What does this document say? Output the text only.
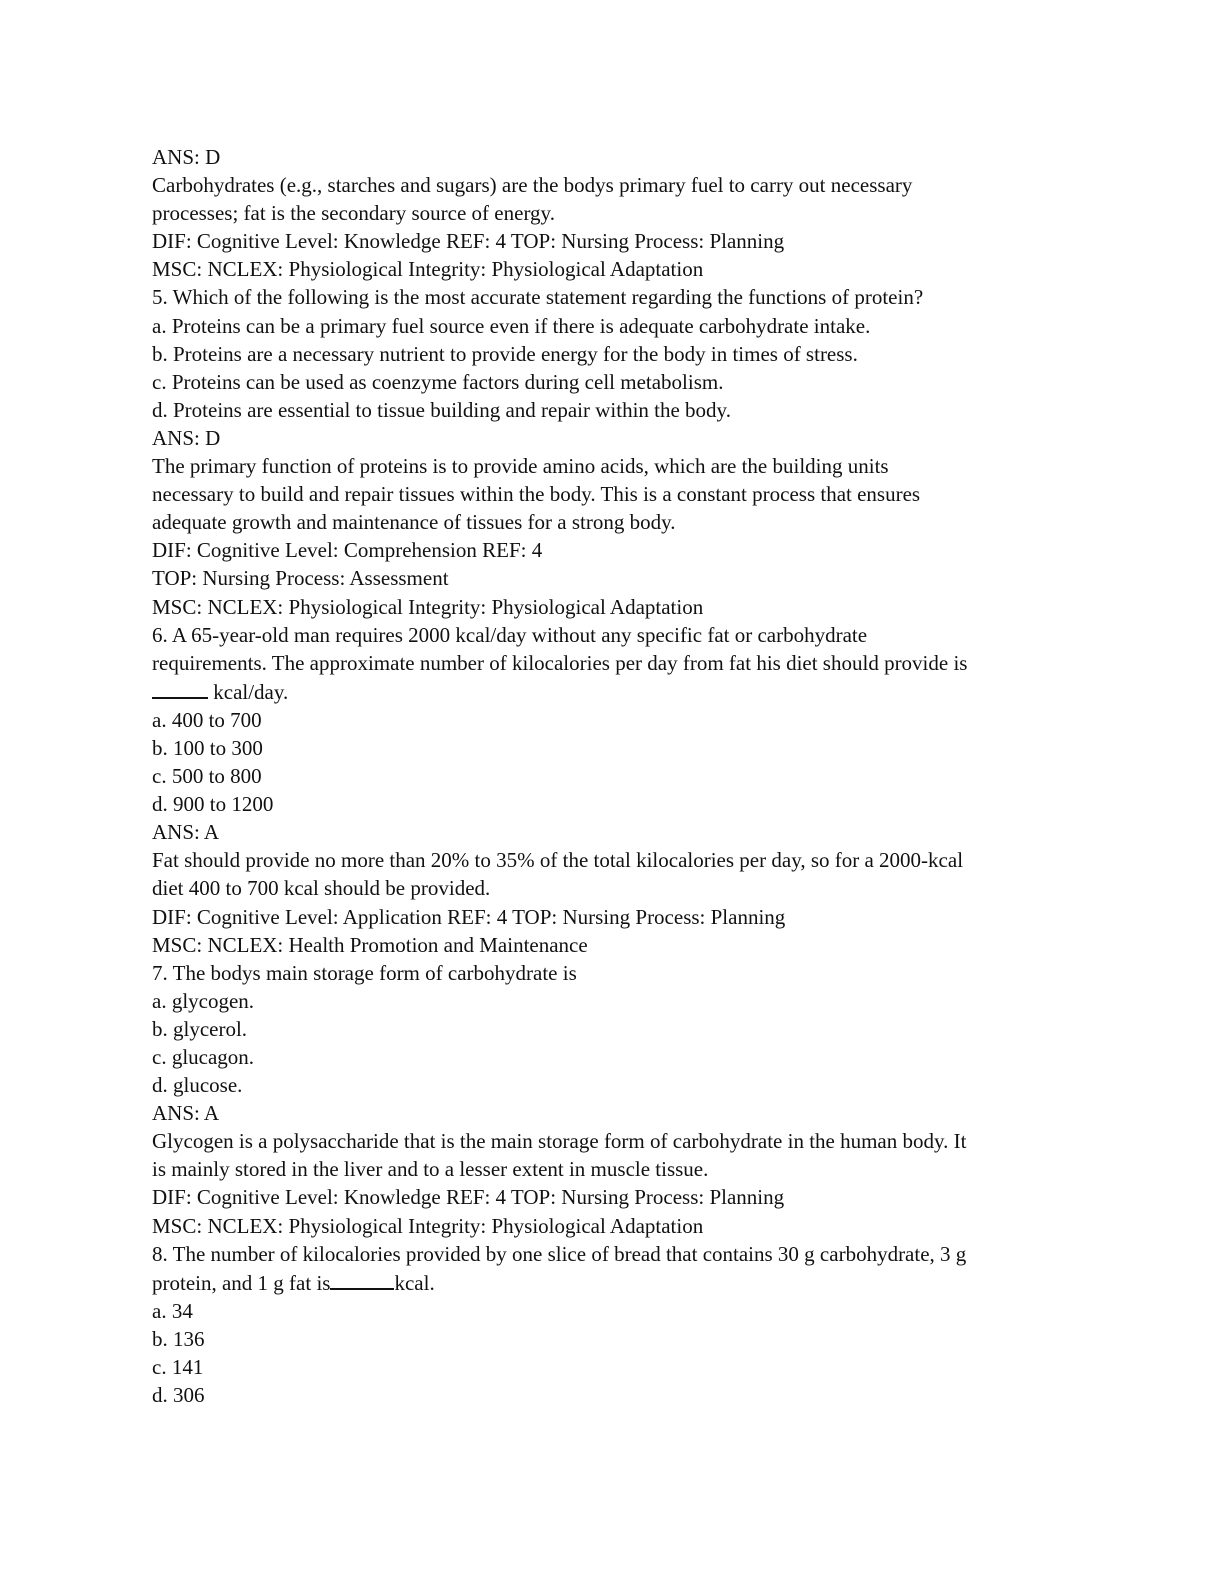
ANS: D

Carbohydrates (e.g., starches and sugars) are the bodys primary fuel to carry out necessary

processes; fat is the secondary source of energy.

DIF: Cognitive Level: Knowledge REF: 4 TOP: Nursing Process: Planning

MSC: NCLEX: Physiological Integrity: Physiological Adaptation

5. Which of the following is the most accurate statement regarding the functions of protein?

a. Proteins can be a primary fuel source even if there is adequate carbohydrate intake.

b. Proteins are a necessary nutrient to provide energy for the body in times of stress.

c. Proteins can be used as coenzyme factors during cell metabolism.

d. Proteins are essential to tissue building and repair within the body.

ANS: D

The primary function of proteins is to provide amino acids, which are the building units

necessary to build and repair tissues within the body. This is a constant process that ensures

adequate growth and maintenance of tissues for a strong body.

DIF: Cognitive Level: Comprehension REF: 4

TOP: Nursing Process: Assessment

MSC: NCLEX: Physiological Integrity: Physiological Adaptation

6. A 65-year-old man requires 2000 kcal/day without any specific fat or carbohydrate

requirements. The approximate number of kilocalories per day from fat his diet should provide is

kcal/day.

a. 400 to 700

b. 100 to 300

c. 500 to 800

d. 900 to 1200

ANS: A

Fat should provide no more than 20% to 35% of the total kilocalories per day, so for a 2000-kcal

diet 400 to 700 kcal should be provided.

DIF: Cognitive Level: Application REF: 4 TOP: Nursing Process: Planning

MSC: NCLEX: Health Promotion and Maintenance

7. The bodys main storage form of carbohydrate is

a. glycogen.

b. glycerol.

c. glucagon.

d. glucose.

ANS: A

Glycogen is a polysaccharide that is the main storage form of carbohydrate in the human body. It

is mainly stored in the liver and to a lesser extent in muscle tissue.

DIF: Cognitive Level: Knowledge REF: 4 TOP: Nursing Process: Planning

MSC: NCLEX: Physiological Integrity: Physiological Adaptation

8. The number of kilocalories provided by one slice of bread that contains 30 g carbohydrate, 3 g

protein, and 1 g fat is	kcal.

a. 34

b. 136

c. 141

d. 306
